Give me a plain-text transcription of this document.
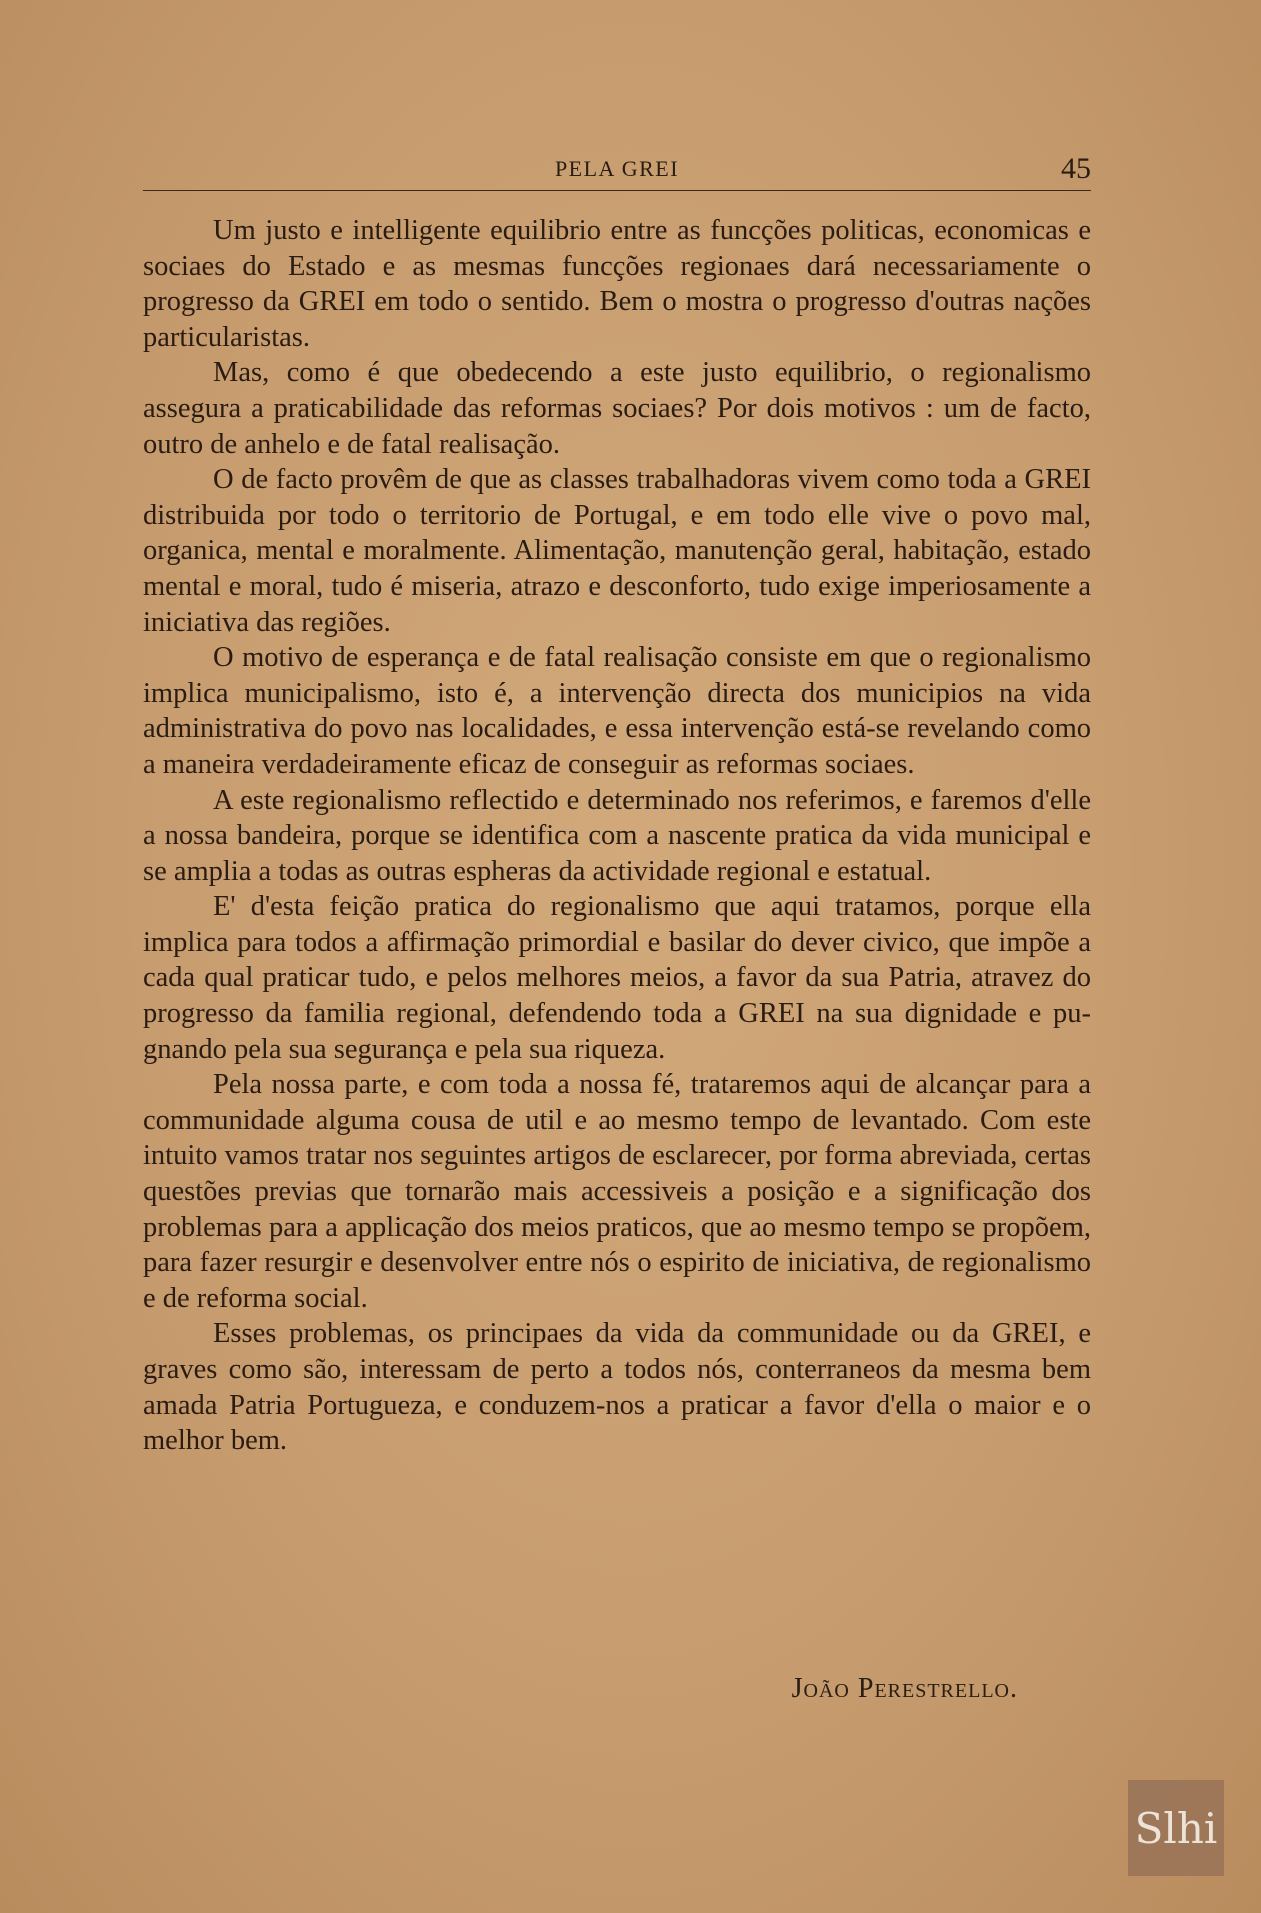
PELA GREI	45

Um justo e intelligente equilibrio entre as funcções politicas, economicas e sociaes do Estado e as mesmas funcções regionaes dará necessariamente o progresso da GREI em todo o sentido. Bem o mostra o progresso d'outras nações particularistas.

Mas, como é que obedecendo a este justo equilibrio, o regionalismo assegura a praticabilidade das reformas sociaes? Por dois motivos : um de facto, outro de anhelo e de fatal realisação.

O de facto provêm de que as classes trabalhadoras vivem como toda a GREI distribuida por todo o territorio de Portugal, e em todo elle vive o povo mal, organica, mental e moralmente. Alimentação, manutenção geral, habitação, estado mental e moral, tudo é miseria, atrazo e desconforto, tudo exige imperiosamente a iniciativa das regiões.

O motivo de esperança e de fatal realisação consiste em que o regionalismo implica municipalismo, isto é, a intervenção directa dos municipios na vida administrativa do povo nas localidades, e essa intervenção está-se revelando como a maneira verdadeiramente eficaz de conseguir as reformas sociaes.

A este regionalismo reflectido e determinado nos referimos, e faremos d'elle a nossa bandeira, porque se identifica com a nascente pratica da vida municipal e se amplia a todas as outras espheras da actividade regional e estatual.

E' d'esta feição pratica do regionalismo que aqui tratamos, porque ella implica para todos a affirmação primordial e basilar do dever civico, que impõe a cada qual praticar tudo, e pelos melhores meios, a favor da sua Patria, atravez do progresso da familia regional, defendendo toda a GREI na sua dignidade e pugnando pela sua segurança e pela sua riqueza.

Pela nossa parte, e com toda a nossa fé, trataremos aqui de alcançar para a communidade alguma cousa de util e ao mesmo tempo de levantado. Com este intuito vamos tratar nos seguintes artigos de esclarecer, por forma abreviada, certas questões previas que tornarão mais accessiveis a posição e a significação dos problemas para a applicação dos meios praticos, que ao mesmo tempo se propõem, para fazer resurgir e desenvolver entre nós o espirito de iniciativa, de regionalismo e de reforma social.

Esses problemas, os principaes da vida da communidade ou da GREI, e graves como são, interessam de perto a todos nós, conterraneos da mesma bem amada Patria Portugueza, e conduzem-nos a praticar a favor d'ella o maior e o melhor bem.

João Perestrello.
Slhi
